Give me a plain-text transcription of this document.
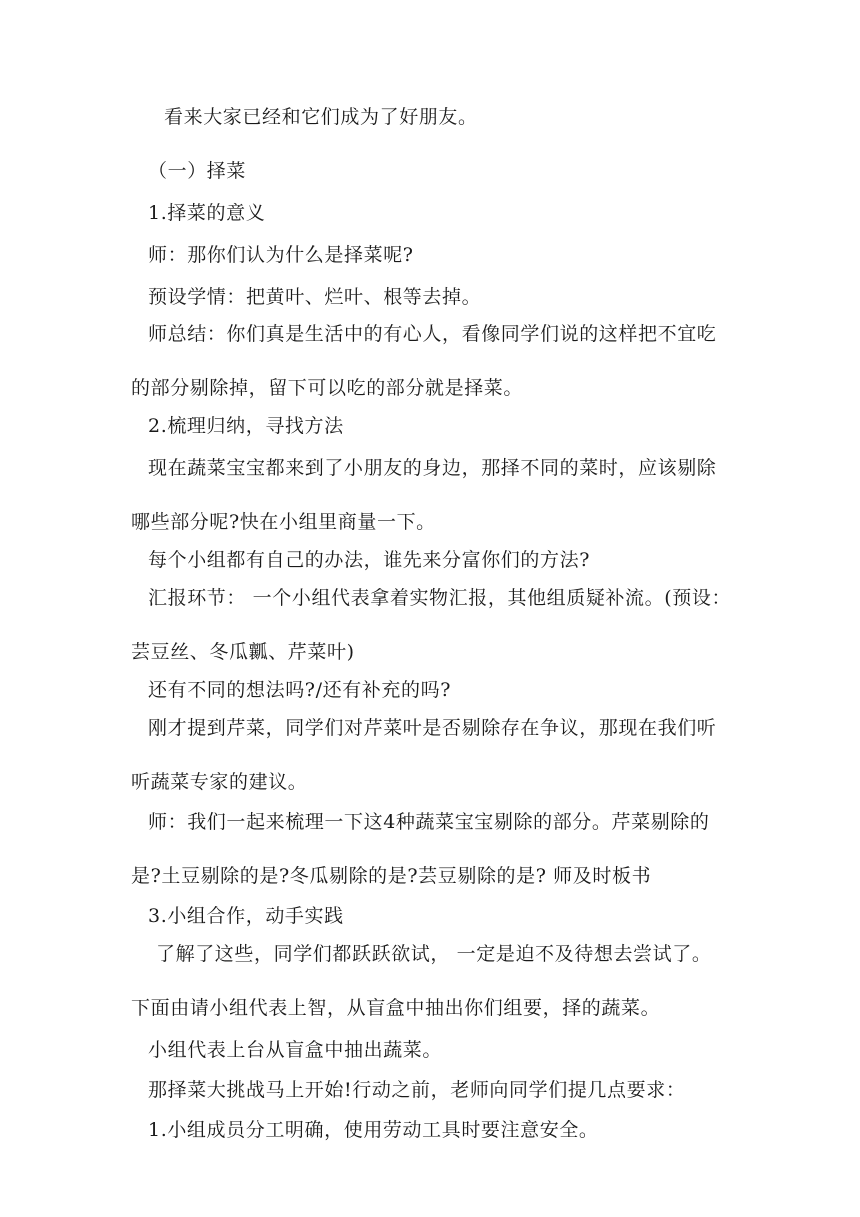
看来大家已经和它们成为了好朋友。
（一）择菜
1.择菜的意义
师：那你们认为什么是择菜呢?
预设学情：把黄叶、烂叶、根等去掉。
师总结：你们真是生活中的有心人，看像同学们说的这样把不宜吃
的部分剔除掉，留下可以吃的部分就是择菜。
2.梳理归纳，寻找方法
现在蔬菜宝宝都来到了小朋友的身边，那择不同的菜时，应该剔除
哪些部分呢?快在小组里商量一下。
每个小组都有自己的办法，谁先来分富你们的方法?
汇报环节： 一个小组代表拿着实物汇报，其他组质疑补流。(预设：
芸豆丝、冬瓜瓤、芹菜叶)
还有不同的想法吗?/还有补充的吗?
刚才提到芹菜，同学们对芹菜叶是否剔除存在争议，那现在我们听
听蔬菜专家的建议。
师：我们一起来梳理一下这4种蔬菜宝宝剔除的部分。芹菜剔除的
是?土豆剔除的是?冬瓜剔除的是?芸豆剔除的是? 师及时板书
3.小组合作，动手实践
了解了这些，同学们都跃跃欲试， 一定是迫不及待想去尝试了。
下面由请小组代表上智，从盲盒中抽出你们组要，择的蔬菜。
小组代表上台从盲盒中抽出蔬菜。
那择菜大挑战马上开始!行动之前，老师向同学们提几点要求：
1.小组成员分工明确，使用劳动工具时要注意安全。
